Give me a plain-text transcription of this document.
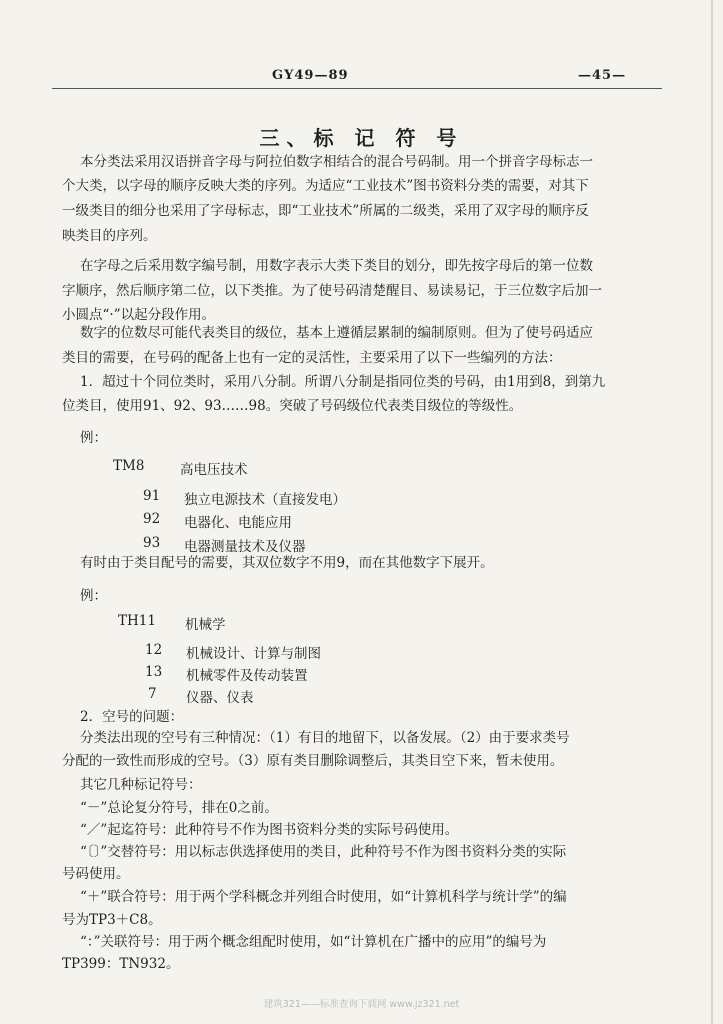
GY49—89	—45—
三、标 记 符 号
本分类法采用汉语拼音字母与阿拉伯数字相结合的混合号码制。用一个拼音字母标志一
个大类，以字母的顺序反映大类的序列。为适应“工业技术”图书资料分类的需要，对其下
一级类目的细分也采用了字母标志，即“工业技术”所属的二级类，采用了双字母的顺序反
映类目的序列。
在字母之后采用数字编号制，用数字表示大类下类目的划分，即先按字母后的第一位数
字顺序，然后顺序第二位，以下类推。为了使号码清楚醒目、易读易记，于三位数字后加一
小圆点“·”以起分段作用。
数字的位数尽可能代表类目的级位，基本上遵循层累制的编制原则。但为了使号码适应
类目的需要，在号码的配备上也有一定的灵活性，主要采用了以下一些编列的方法：
1．超过十个同位类时，采用八分制。所谓八分制是指同位类的号码，由1用到8，到第九
位类目，使用91、92、93……98。突破了号码级位代表类目级位的等级性。
例：
TM8	高电压技术
91 独立电源技术（直接发电）
92 电器化、电能应用
93 电器测量技术及仪器
有时由于类目配号的需要，其双位数字不用9，而在其他数字下展开。
例：
TH11 机械学
12 机械设计、计算与制图
13 机械零件及传动装置
7 仪器、仪表
2．空号的问题：
分类法出现的空号有三种情况：（1）有目的地留下，以备发展。（2）由于要求类号
分配的一致性而形成的空号。（3）原有类目删除调整后，其类目空下来，暂未使用。
其它几种标记符号：
“－”总论复分符号，排在0之前。
“／”起迄符号：此种符号不作为图书资料分类的实际号码使用。
“〔〕”交替符号：用以标志供选择使用的类目，此种符号不作为图书资料分类的实际
号码使用。
“＋”联合符号：用于两个学科概念并列组合时使用，如“计算机科学与统计学”的编
号为TP3＋C8。
“：”关联符号：用于两个概念组配时使用，如“计算机在广播中的应用”的编号为
TP399：TN932。
建筑321——标准查询下载网 www.jz321.net
